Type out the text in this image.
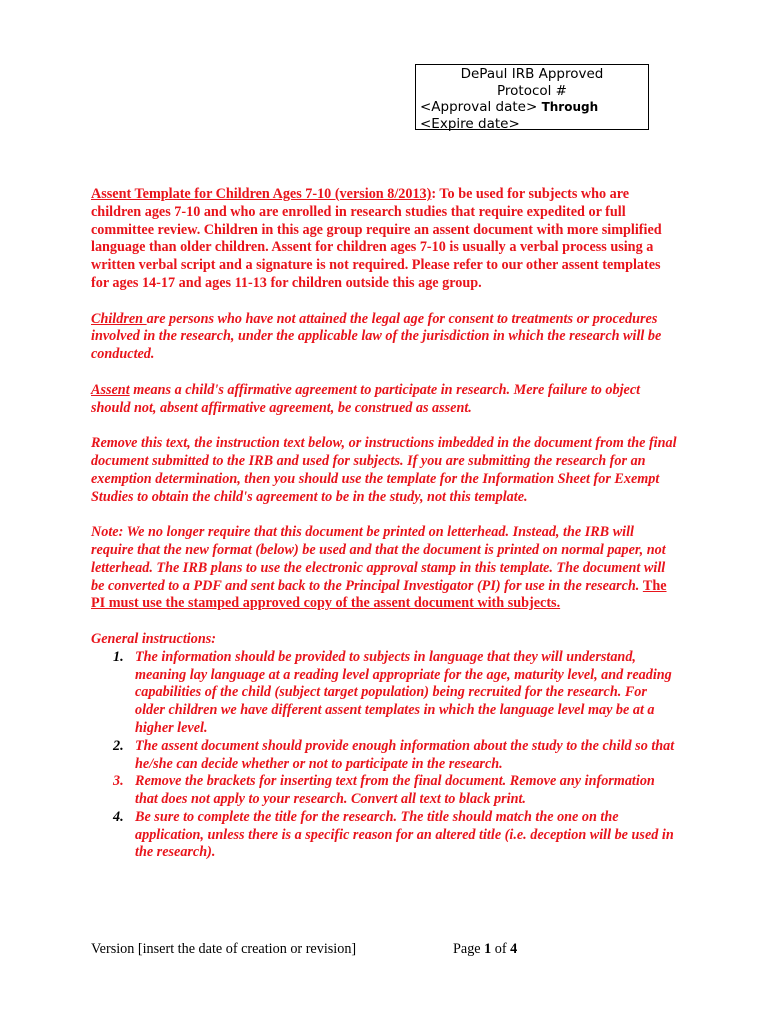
DePaul IRB Approved
Protocol #
<Approval date> Through
<Expire date>

Assent Template for Children Ages 7-10 (version 8/2013): To be used for subjects who are children ages 7-10 and who are enrolled in research studies that require expedited or full committee review. Children in this age group require an assent document with more simplified language than older children. Assent for children ages 7-10 is usually a verbal process using a written verbal script and a signature is not required. Please refer to our other assent templates for ages 14-17 and ages 11-13 for children outside this age group.

Children are persons who have not attained the legal age for consent to treatments or procedures involved in the research, under the applicable law of the jurisdiction in which the research will be conducted.

Assent means a child's affirmative agreement to participate in research. Mere failure to object should not, absent affirmative agreement, be construed as assent.

Remove this text, the instruction text below, or instructions imbedded in the document from the final document submitted to the IRB and used for subjects. If you are submitting the research for an exemption determination, then you should use the template for the Information Sheet for Exempt Studies to obtain the child's agreement to be in the study, not this template.

Note: We no longer require that this document be printed on letterhead. Instead, the IRB will require that the new format (below) be used and that the document is printed on normal paper, not letterhead. The IRB plans to use the electronic approval stamp in this template. The document will be converted to a PDF and sent back to the Principal Investigator (PI) for use in the research. The PI must use the stamped approved copy of the assent document with subjects.

General instructions:

1. The information should be provided to subjects in language that they will understand, meaning lay language at a reading level appropriate for the age, maturity level, and reading capabilities of the child (subject target population) being recruited for the research. For older children we have different assent templates in which the language level may be at a higher level.
2. The assent document should provide enough information about the study to the child so that he/she can decide whether or not to participate in the research.
3. Remove the brackets for inserting text from the final document. Remove any information that does not apply to your research. Convert all text to black print.
4. Be sure to complete the title for the research. The title should match the one on the application, unless there is a specific reason for an altered title (i.e. deception will be used in the research).
Version [insert the date of creation or revision]	Page 1 of 4
